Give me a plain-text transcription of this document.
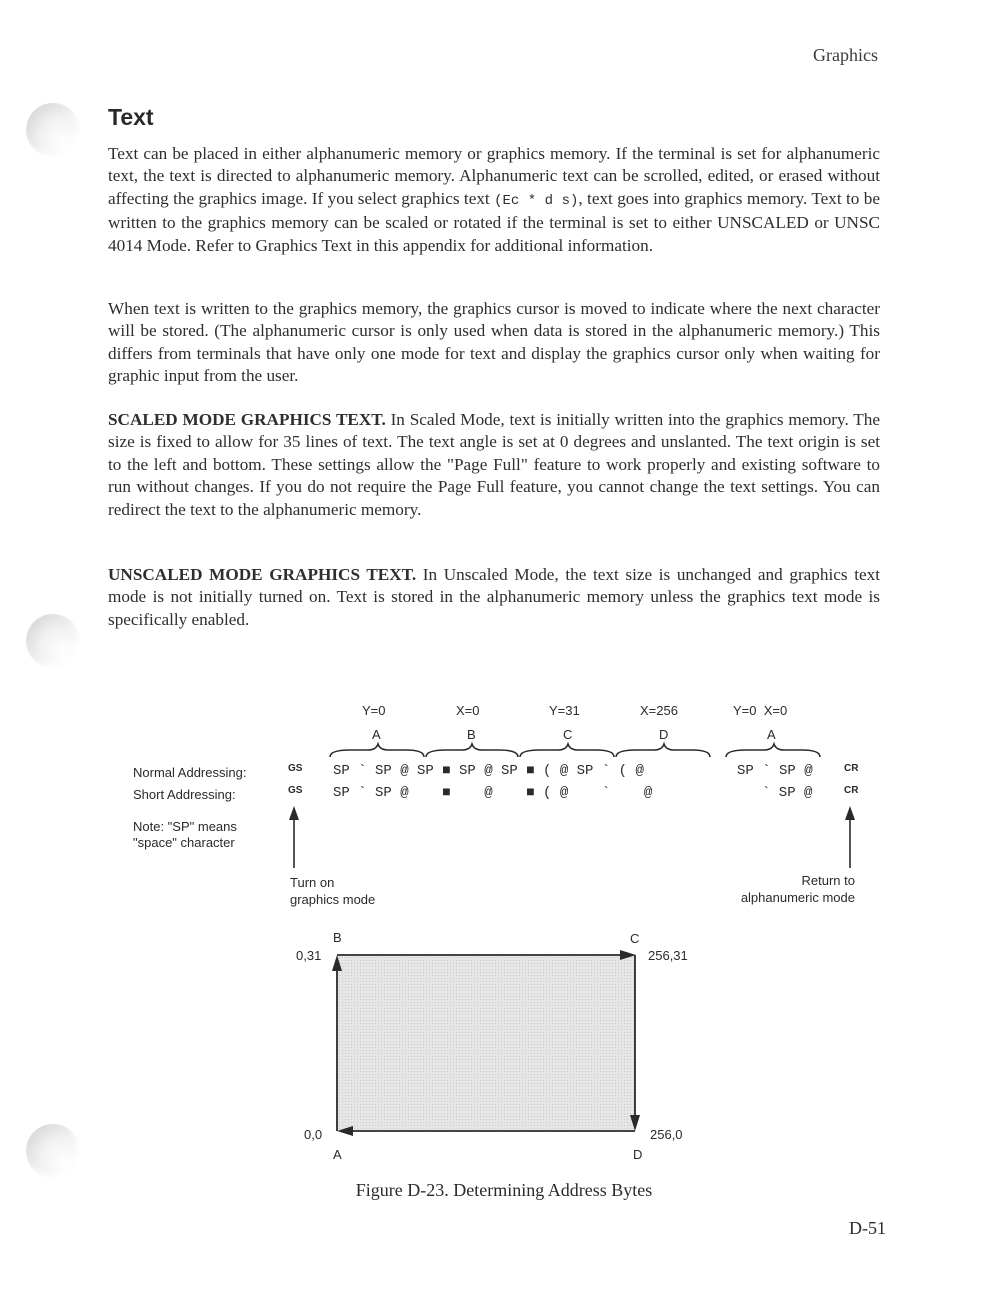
Graphics
Text
Text can be placed in either alphanumeric memory or graphics memory. If the terminal is set for alphanumeric text, the text is directed to alphanumeric memory. Alphanumeric text can be scrolled, edited, or erased without affecting the graphics image. If you select graphics text (Ec * d s), text goes into graphics memory. Text to be written to the graphics memory can be scaled or rotated if the terminal is set to either UNSCALED or UNSC 4014 Mode. Refer to Graphics Text in this appendix for additional information.
When text is written to the graphics memory, the graphics cursor is moved to indicate where the next character will be stored. (The alphanumeric cursor is only used when data is stored in the alphanumeric memory.) This differs from terminals that have only one mode for text and display the graphics cursor only when waiting for graphic input from the user.
SCALED MODE GRAPHICS TEXT. In Scaled Mode, text is initially written into the graphics memory. The size is fixed to allow for 35 lines of text. The text angle is set at 0 degrees and unslanted. The text origin is set to the left and bottom. These settings allow the "Page Full" feature to work properly and existing software to run without changes. If you do not require the Page Full feature, you cannot change the text settings. You can redirect the text to the alphanumeric memory.
UNSCALED MODE GRAPHICS TEXT. In Unscaled Mode, the text size is unchanged and graphics text mode is not initially turned on. Text is stored in the alphanumeric memory unless the graphics text mode is specifically enabled.
Y=0	X=0	Y=31	X=256	Y=0  X=0
A	B	C	D	A
Normal Addressing:
Short Addressing:
GS
GS
SP ` SP @ SP ■ SP @ SP ■ ( @ SP ` ( @	SP ` SP @
SP ` SP @    ■    @    ■ ( @    `    @	` SP @
CR
CR
Note: "SP" means
"space" character
Turn on
graphics mode
Return to
alphanumeric mode
B	C
0,31	256,31
0,0	256,0
A	D
Figure D-23. Determining Address Bytes
D-51
